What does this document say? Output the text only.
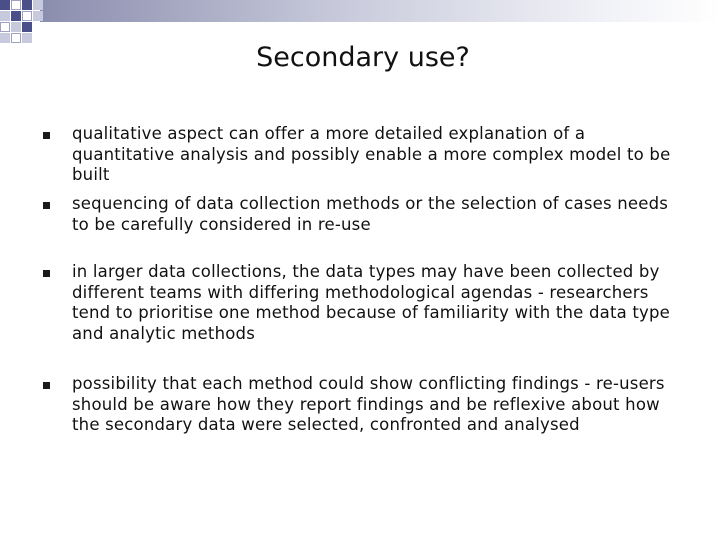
Secondary use?
qualitative aspect can offer a more detailed explanation of a quantitative analysis and possibly enable a more complex model to be built
sequencing of data collection methods or the selection of cases needs to be carefully considered in re-use
in larger data collections, the data types may have been collected by different teams with differing methodological agendas - researchers tend to prioritise one method because of familiarity with the data type and analytic methods
possibility that each method could show conflicting findings - re-users should be aware how they report findings and be reflexive about how the secondary data were selected, confronted and analysed
